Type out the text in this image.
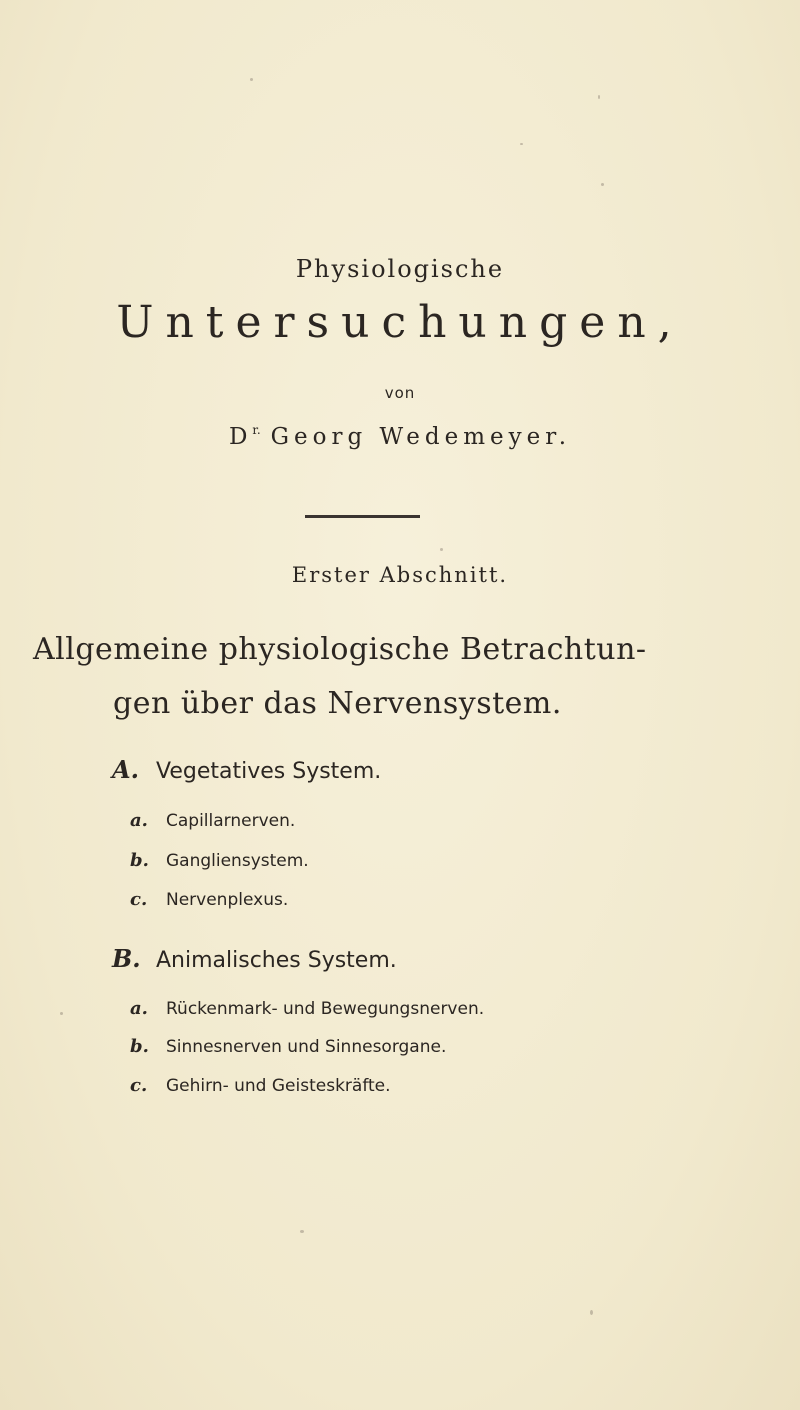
Physiologische
Untersuchungen,
von
$D^{r.}$ Georg Wedemeyer.
Erster Abschnitt.
Allgemeine physiologische Betrachtun-
gen über das Nervensystem.
A. Vegetatives System.
a. Capillarnerven.
b. Gangliensystem.
c. Nervenplexus.
B. Animalisches System.
a. Rückenmark- und Bewegungsnerven.
b. Sinnesnerven und Sinnesorgane.
c. Gehirn- und Geisteskräfte.
